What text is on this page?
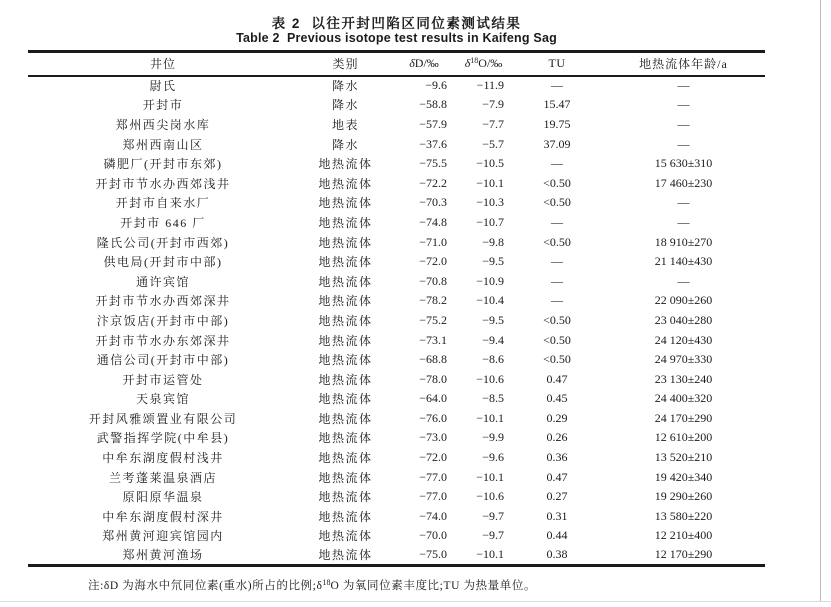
表 2  以往开封凹陷区同位素测试结果
Table 2  Previous isotope test results in Kaifeng Sag
井位	类别	δD/‰	$\delta^{18}O/‰$	TU	地热流体年龄/a
尉氏	降水	−9.6	−11.9	—	—
开封市	降水	−58.8	−7.9	15.47	—
郑州西尖岗水库	地表	−57.9	−7.7	19.75	—
郑州西南山区	降水	−37.6	−5.7	37.09	—
磷肥厂(开封市东郊)	地热流体	−75.5	−10.5	—	15 630±310
开封市节水办西郊浅井	地热流体	−72.2	−10.1	<0.50	17 460±230
开封市自来水厂	地热流体	−70.3	−10.3	<0.50	—
开封市 646 厂	地热流体	−74.8	−10.7	—	—
隆氏公司(开封市西郊)	地热流体	−71.0	−9.8	<0.50	18 910±270
供电局(开封市中部)	地热流体	−72.0	−9.5	—	21 140±430
通许宾馆	地热流体	−70.8	−10.9	—	—
开封市节水办西郊深井	地热流体	−78.2	−10.4	—	22 090±260
汴京饭店(开封市中部)	地热流体	−75.2	−9.5	<0.50	23 040±280
开封市节水办东郊深井	地热流体	−73.1	−9.4	<0.50	24 120±430
通信公司(开封市中部)	地热流体	−68.8	−8.6	<0.50	24 970±330
开封市运管处	地热流体	−78.0	−10.6	0.47	23 130±240
天泉宾馆	地热流体	−64.0	−8.5	0.45	24 400±320
开封风雅颂置业有限公司	地热流体	−76.0	−10.1	0.29	24 170±290
武警指挥学院(中牟县)	地热流体	−73.0	−9.9	0.26	12 610±200
中牟东湖度假村浅井	地热流体	−72.0	−9.6	0.36	13 520±210
兰考蓬莱温泉酒店	地热流体	−77.0	−10.1	0.47	19 420±340
原阳原华温泉	地热流体	−77.0	−10.6	0.27	19 290±260
中牟东湖度假村深井	地热流体	−74.0	−9.7	0.31	13 580±220
郑州黄河迎宾馆园内	地热流体	−70.0	−9.7	0.44	12 210±400
郑州黄河渔场	地热流体	−75.0	−10.1	0.38	12 170±290
注:δD 为海水中氘同位素(重水)所占的比例$;\delta^{18}O$ 为氧同位素丰度比;TU 为热量单位。
